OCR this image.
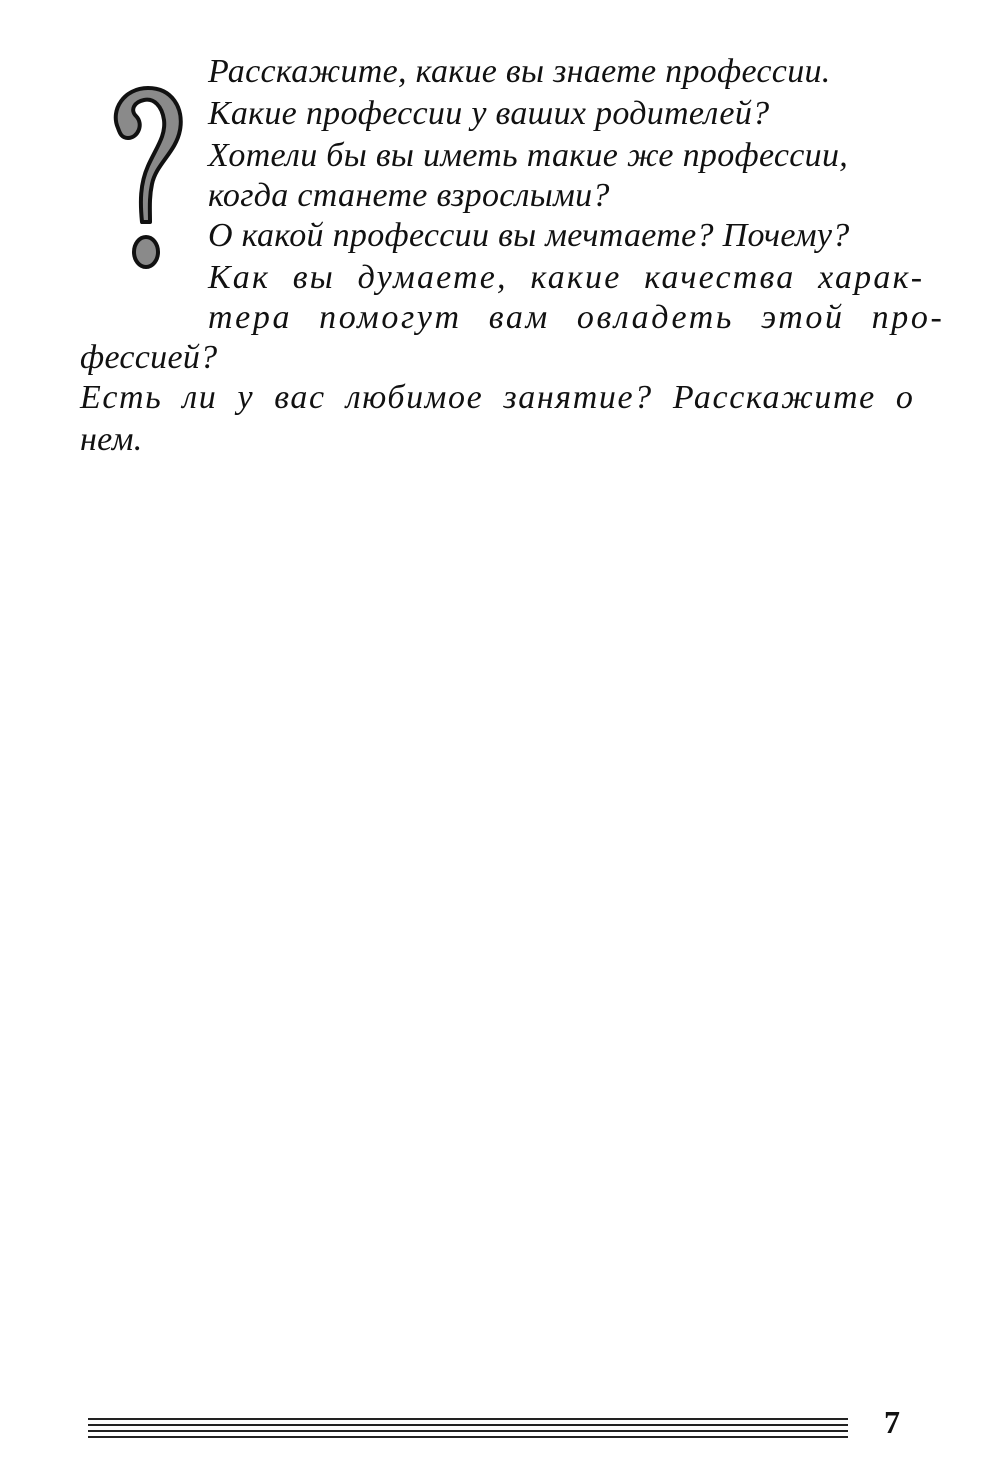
Расскажите, какие вы знаете профессии.
Какие профессии у ваших родителей?
Хотели бы вы иметь такие же профессии,
когда станете взрослыми?
О какой профессии вы мечтаете? Почему?
Как вы думаете, какие качества харак-
тера помогут вам овладеть этой про-
фессией?
Есть ли у вас любимое занятие? Расскажите о
нем.
7
